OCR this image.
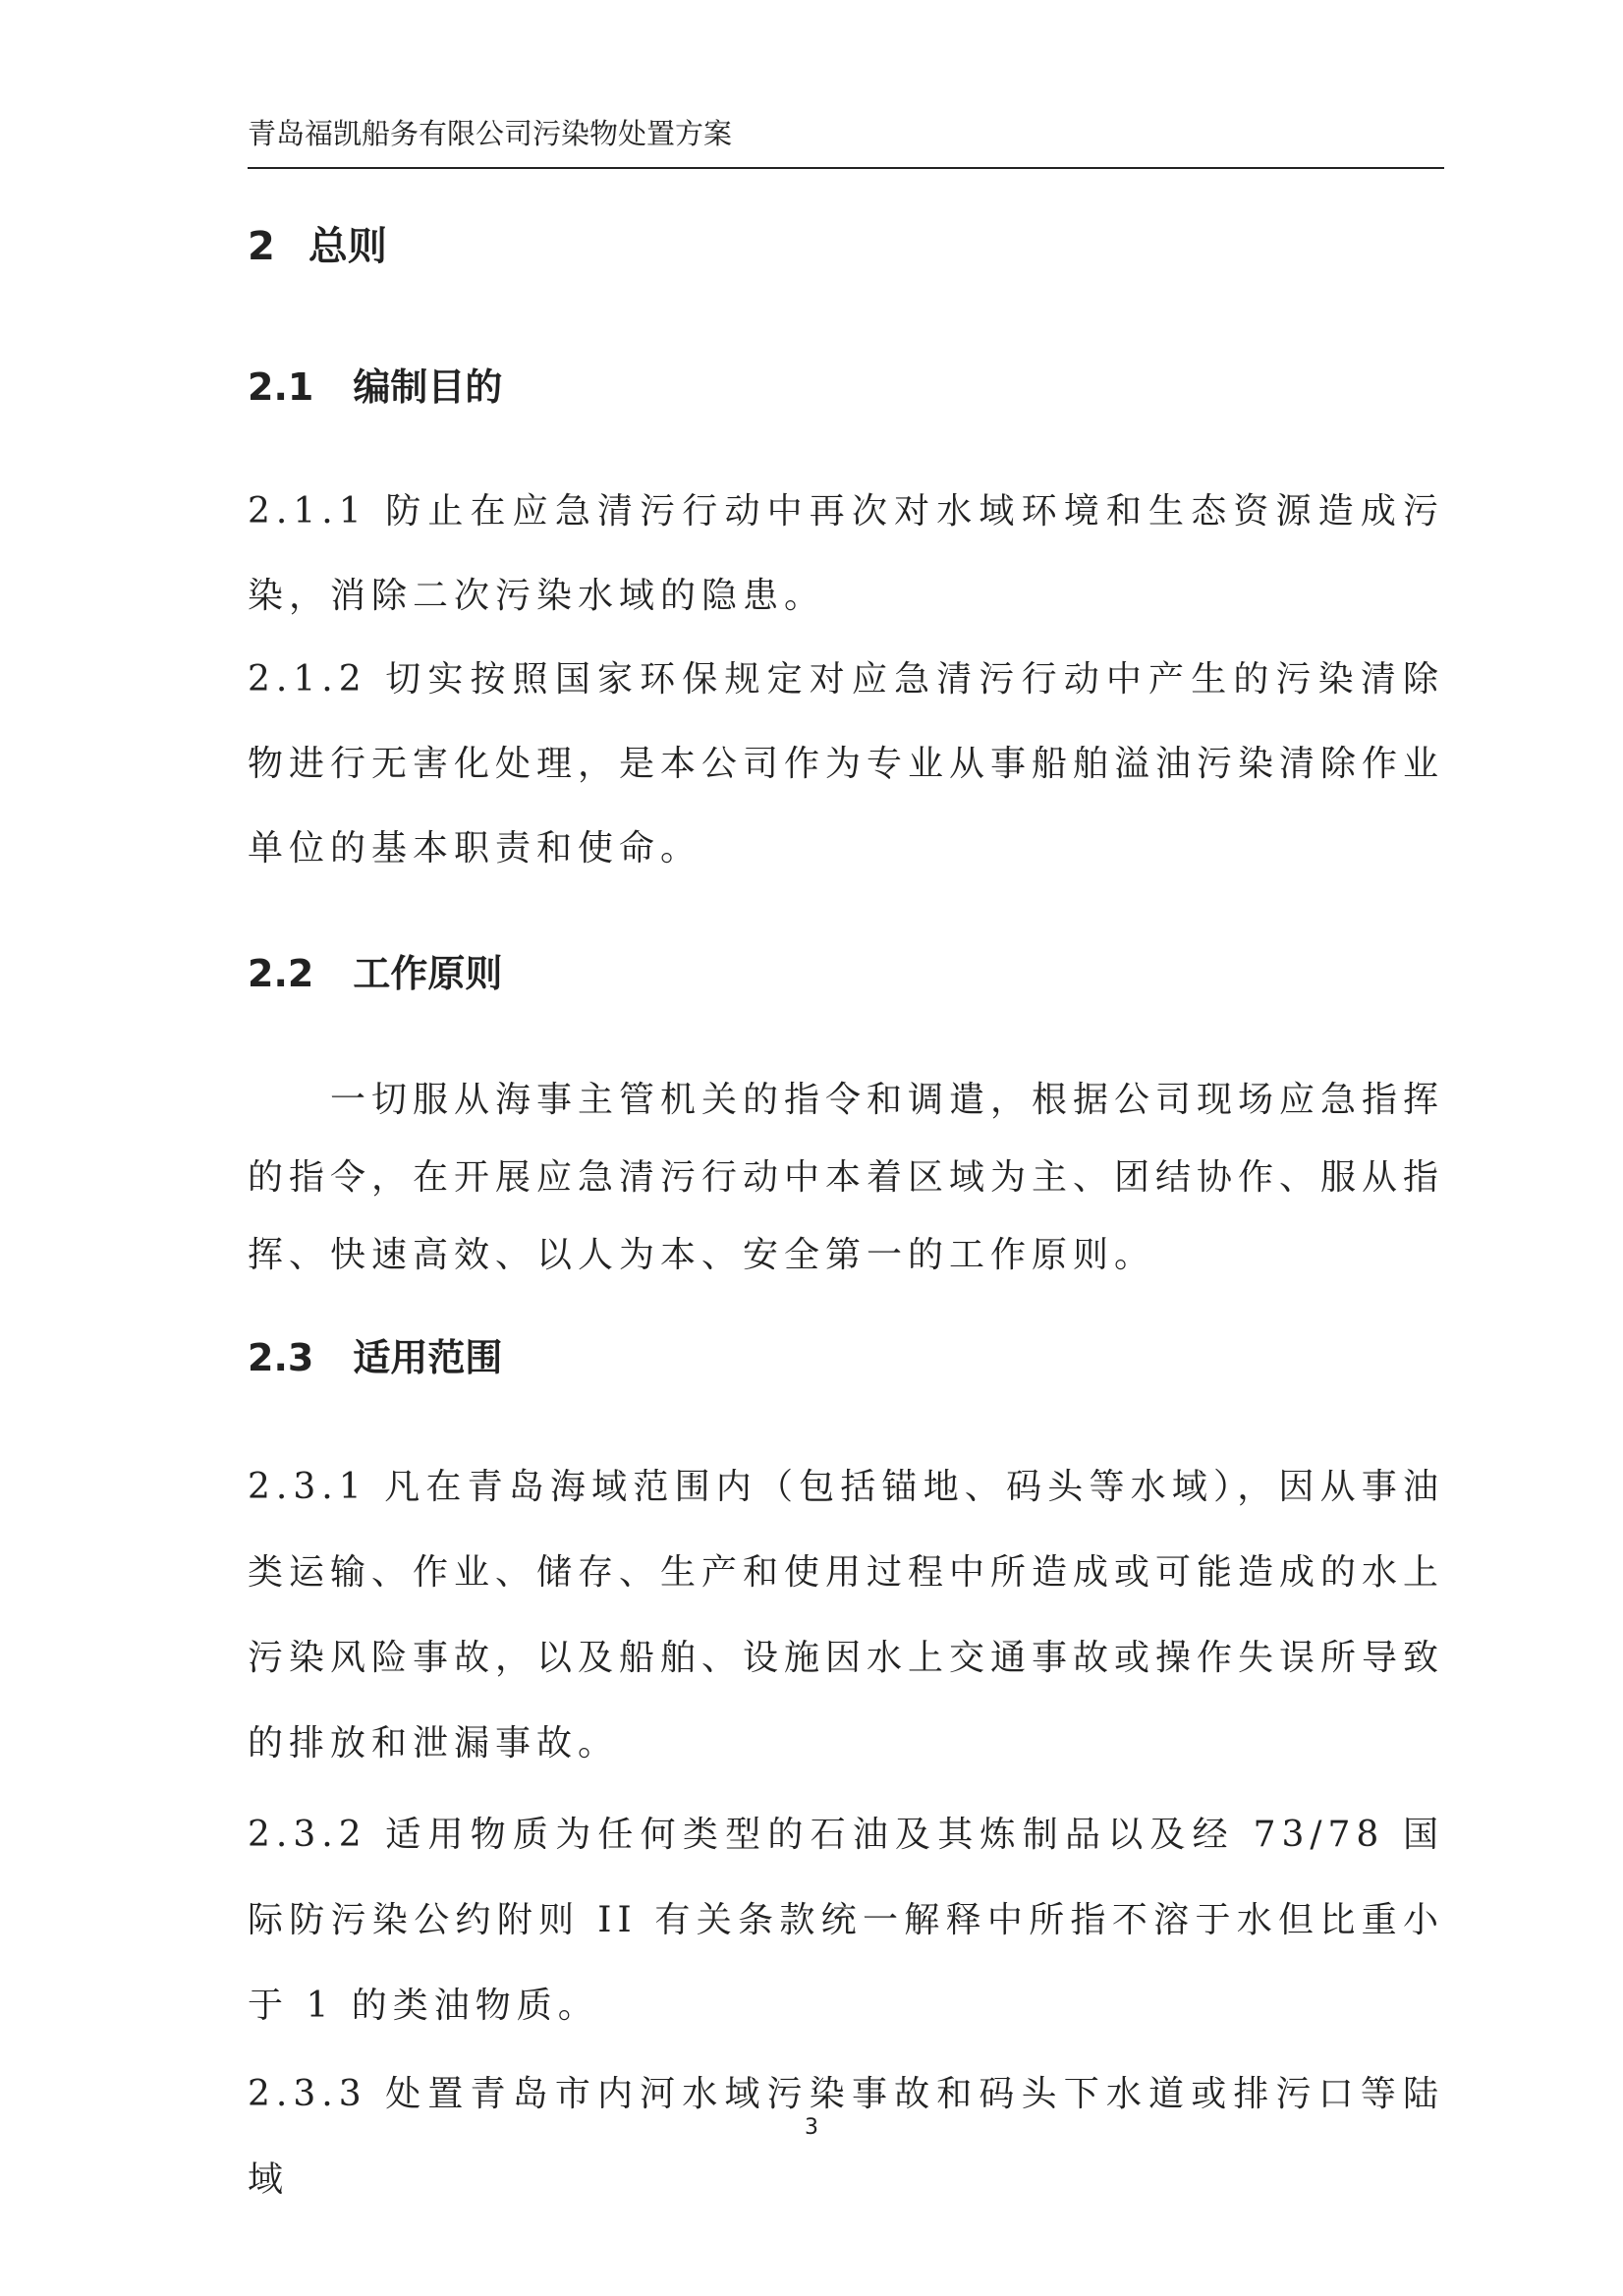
青岛福凯船务有限公司污染物处置方案
2 总则
2.1 编制目的

2.1.1 防止在应急清污行动中再次对水域环境和生态资源造成污染，消除二次污染水域的隐患。

2.1.2 切实按照国家环保规定对应急清污行动中产生的污染清除物进行无害化处理，是本公司作为专业从事船舶溢油污染清除作业单位的基本职责和使命。

2.2 工作原则

一切服从海事主管机关的指令和调遣，根据公司现场应急指挥的指令，在开展应急清污行动中本着区域为主、团结协作、服从指挥、快速高效、以人为本、安全第一的工作原则。

2.3 适用范围

2.3.1 凡在青岛海域范围内（包括锚地、码头等水域），因从事油类运输、作业、储存、生产和使用过程中所造成或可能造成的水上污染风险事故，以及船舶、设施因水上交通事故或操作失误所导致的排放和泄漏事故。

2.3.2 适用物质为任何类型的石油及其炼制品以及经 73/78 国际防污染公约附则 II 有关条款统一解释中所指不溶于水但比重小于 1 的类油物质。

2.3.3 处置青岛市内河水域污染事故和码头下水道或排污口等陆域

3
